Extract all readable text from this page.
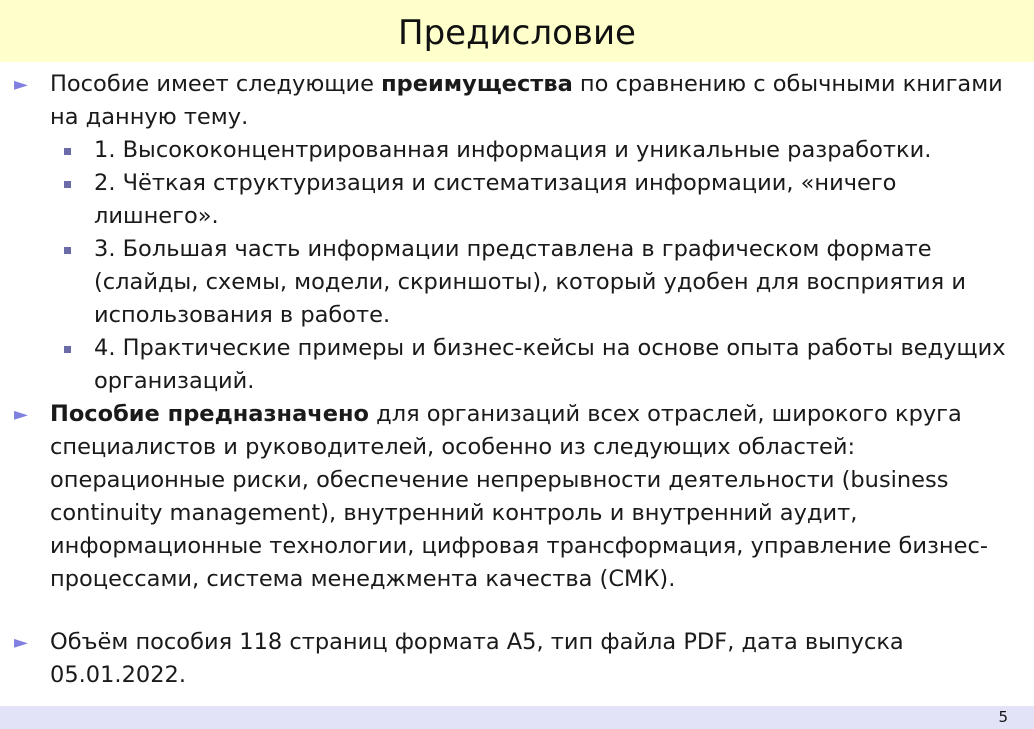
Предисловие
► Пособие имеет следующие преимущества по сравнению с обычными книгами на данную тему.
1. Высококонцентрированная информация и уникальные разработки.
2. Чёткая структуризация и систематизация информации, «ничего лишнего».
3. Большая часть информации представлена в графическом формате (слайды, схемы, модели, скриншоты), который удобен для восприятия и использования в работе.
4. Практические примеры и бизнес-кейсы на основе опыта работы ведущих организаций.
► Пособие предназначено для организаций всех отраслей, широкого круга специалистов и руководителей, особенно из следующих областей: операционные риски, обеспечение непрерывности деятельности (business continuity management), внутренний контроль и внутренний аудит, информационные технологии, цифровая трансформация, управление бизнес-процессами, система менеджмента качества (СМК).
► Объём пособия 118 страниц формата А5, тип файла PDF, дата выпуска 05.01.2022.
5
